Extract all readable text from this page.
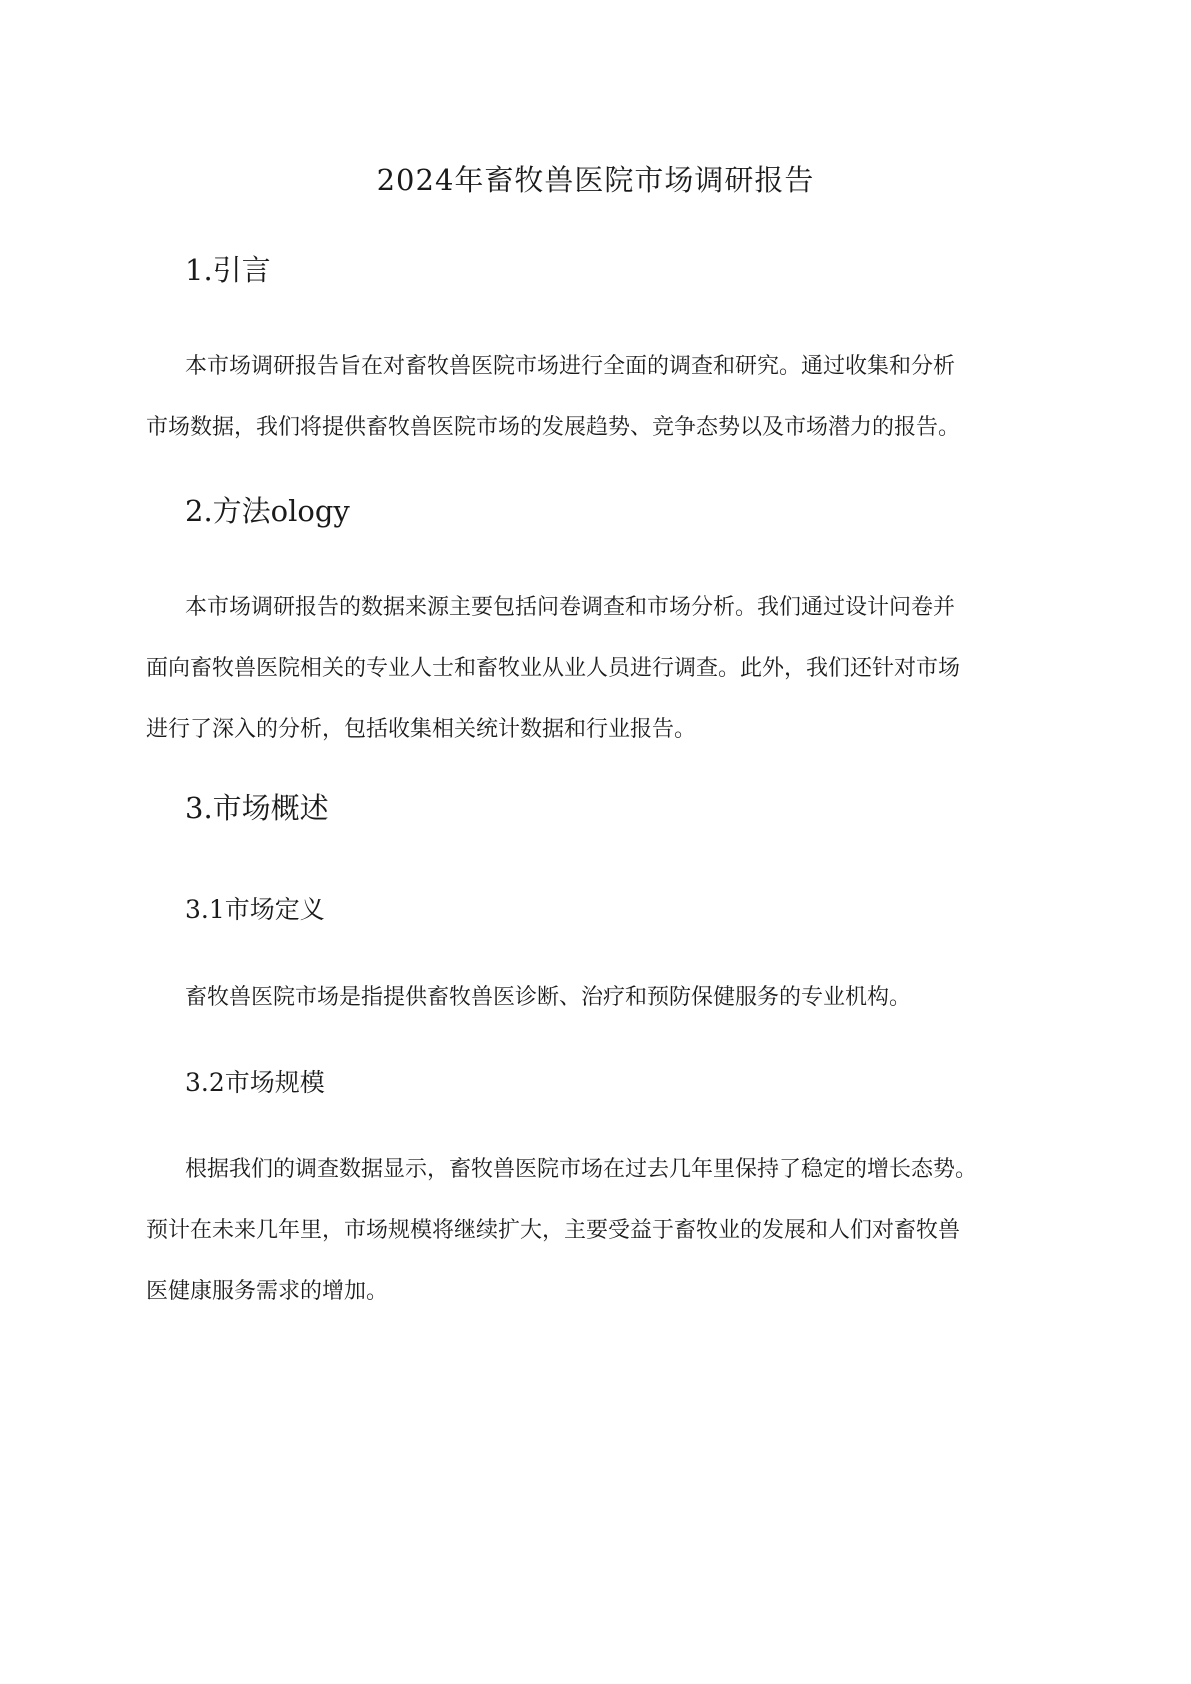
2024年畜牧兽医院市场调研报告
1.引言
本市场调研报告旨在对畜牧兽医院市场进行全面的调查和研究。通过收集和分析
市场数据，我们将提供畜牧兽医院市场的发展趋势、竞争态势以及市场潜力的报告。
2.方法ology
本市场调研报告的数据来源主要包括问卷调查和市场分析。我们通过设计问卷并
面向畜牧兽医院相关的专业人士和畜牧业从业人员进行调查。此外，我们还针对市场
进行了深入的分析，包括收集相关统计数据和行业报告。
3.市场概述
3.1市场定义
畜牧兽医院市场是指提供畜牧兽医诊断、治疗和预防保健服务的专业机构。
3.2市场规模
根据我们的调查数据显示，畜牧兽医院市场在过去几年里保持了稳定的增长态势。
预计在未来几年里，市场规模将继续扩大，主要受益于畜牧业的发展和人们对畜牧兽
医健康服务需求的增加。
